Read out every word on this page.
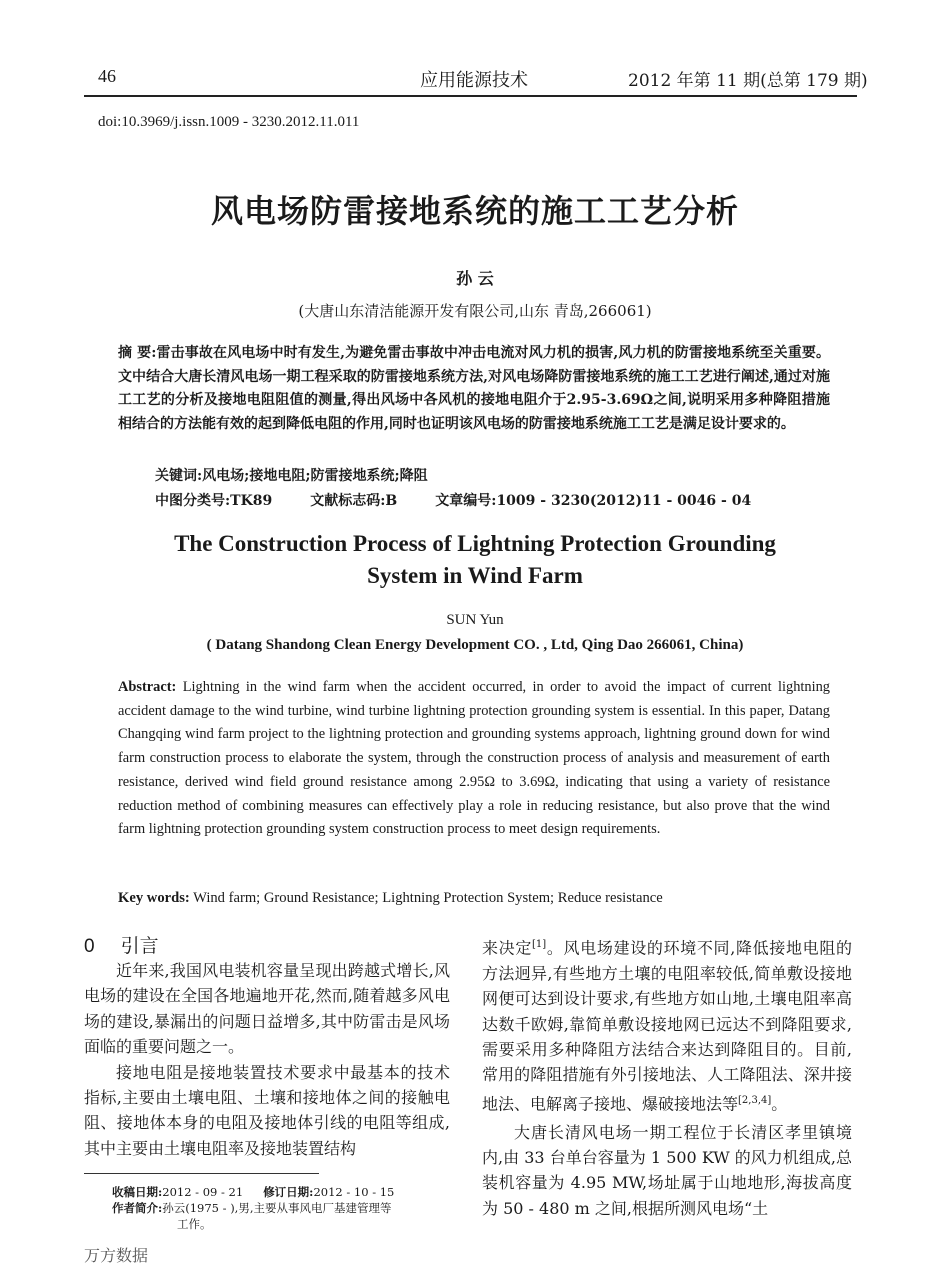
46	应用能源技术	2012 年第 11 期(总第 179 期)
doi:10.3969/j.issn.1009 - 3230.2012.11.011
风电场防雷接地系统的施工工艺分析
孙 云
(大唐山东清洁能源开发有限公司,山东 青岛,266061)
摘 要:雷击事故在风电场中时有发生,为避免雷击事故中冲击电流对风力机的损害,风力机的防雷接地系统至关重要。文中结合大唐长清风电场一期工程采取的防雷接地系统方法,对风电场降防雷接地系统的施工工艺进行阐述,通过对施工工艺的分析及接地电阻阻值的测量,得出风场中各风机的接地电阻介于2.95-3.69Ω之间,说明采用多种降阻措施相结合的方法能有效的起到降低电阻的作用,同时也证明该风电场的防雷接地系统施工工艺是满足设计要求的。
关键词:风电场;接地电阻;防雷接地系统;降阻
中图分类号:TK89	文献标志码:B	文章编号:1009 - 3230(2012)11 - 0046 - 04
The Construction Process of Lightning Protection Grounding System in Wind Farm
SUN Yun
( Datang Shandong Clean Energy Development CO. , Ltd, Qing Dao 266061, China)
Abstract: Lightning in the wind farm when the accident occurred, in order to avoid the impact of current lightning accident damage to the wind turbine, wind turbine lightning protection grounding system is essential. In this paper, Datang Changqing wind farm project to the lightning protection and grounding systems approach, lightning ground down for wind farm construction process to elaborate the system, through the construction process of analysis and measurement of earth resistance, derived wind field ground resistance among 2.95Ω to 3.69Ω, indicating that using a variety of resistance reduction method of combining measures can effectively play a role in reducing resistance, but also prove that the wind farm lightning protection grounding system construction process to meet design requirements.
Key words: Wind farm; Ground Resistance; Lightning Protection System; Reduce resistance
0 引言
近年来,我国风电装机容量呈现出跨越式增长,风电场的建设在全国各地遍地开花,然而,随着越多风电场的建设,暴漏出的问题日益增多,其中防雷击是风场面临的重要问题之一。
接地电阻是接地装置技术要求中最基本的技术指标,主要由土壤电阻、土壤和接地体之间的接触电阻、接地体本身的电阻及接地体引线的电阻等组成,其中主要由土壤电阻率及接地装置结构
来决定[1]。风电场建设的环境不同,降低接地电阻的方法迥异,有些地方土壤的电阻率较低,简单敷设接地网便可达到设计要求,有些地方如山地,土壤电阻率高达数千欧姆,靠简单敷设接地网已远达不到降阻要求,需要采用多种降阻方法结合来达到降阻目的。目前,常用的降阻措施有外引接地法、人工降阻法、深井接地法、电解离子接地、爆破接地法等[2,3,4]。
大唐长清风电场一期工程位于长清区孝里镇境内,由 33 台单台容量为 1 500 KW 的风力机组成,总装机容量为 4.95 MW,场址属于山地地形,海拔高度为 50 - 480 m 之间,根据所测风电场“土
收稿日期:2012 - 09 - 21 修订日期:2012 - 10 - 15
作者简介:孙云(1975 - ),男,主要从事风电厂基建管理等
工作。
万方数据
